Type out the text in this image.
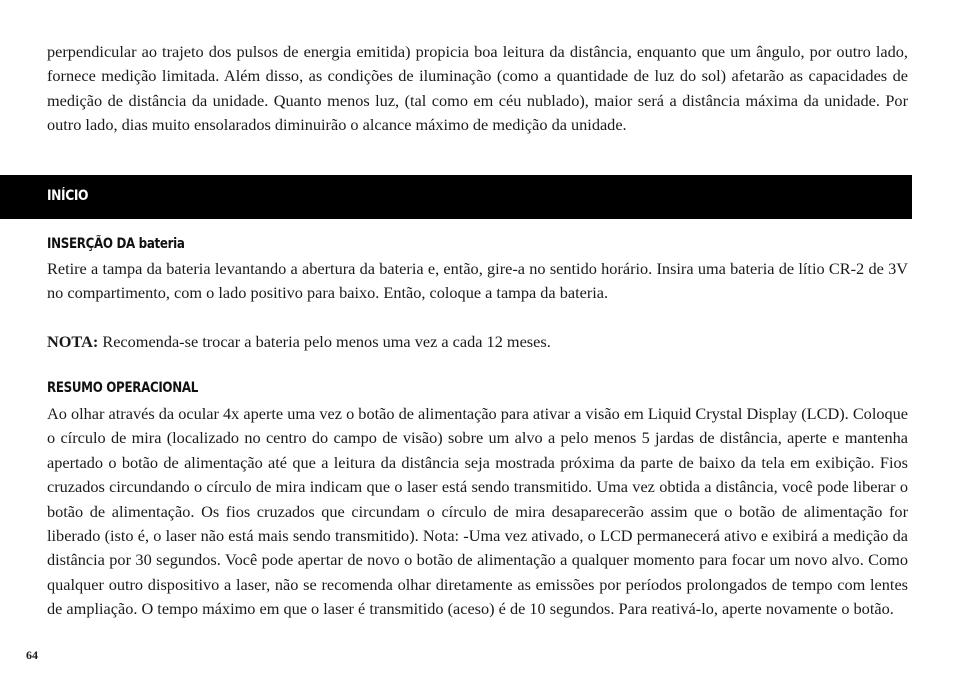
perpendicular ao trajeto dos pulsos de energia emitida) propicia boa leitura da distância, enquanto que um ângulo, por outro lado, fornece medição limitada. Além disso, as condições de iluminação (como a quantidade de luz do sol) afetarão as capacidades de medição de distância da unidade. Quanto menos luz, (tal como em céu nublado), maior será a distância máxima da unidade. Por outro lado, dias muito ensolarados diminuirão o alcance máximo de medição da unidade.

INÍCIO
INSERÇÃO DA bateria

Retire a tampa da bateria levantando a abertura da bateria e, então, gire-a no sentido horário. Insira uma bateria de lítio CR-2 de 3V no compartimento, com o lado positivo para baixo. Então, coloque a tampa da bateria.

NOTA: Recomenda-se trocar a bateria pelo menos uma vez a cada 12 meses.

RESUMO OPERACIONAL

Ao olhar através da ocular 4x aperte uma vez o botão de alimentação para ativar a visão em Liquid Crystal Display (LCD). Coloque o círculo de mira (localizado no centro do campo de visão) sobre um alvo a pelo menos 5 jardas de distância, aperte e mantenha apertado o botão de alimentação até que a leitura da distância seja mostrada próxima da parte de baixo da tela em exibição. Fios cruzados circundando o círculo de mira indicam que o laser está sendo transmitido. Uma vez obtida a distância, você pode liberar o botão de alimentação. Os fios cruzados que circundam o círculo de mira desaparecerão assim que o botão de alimentação for liberado (isto é, o laser não está mais sendo transmitido). Nota: -Uma vez ativado, o LCD permanecerá ativo e exibirá a medição da distância por 30 segundos. Você pode apertar de novo o botão de alimentação a qualquer momento para focar um novo alvo. Como qualquer outro dispositivo a laser, não se recomenda olhar diretamente as emissões por períodos prolongados de tempo com lentes de ampliação. O tempo máximo em que o laser é transmitido (aceso) é de 10 segundos. Para reativá-lo, aperte novamente o botão.

64
